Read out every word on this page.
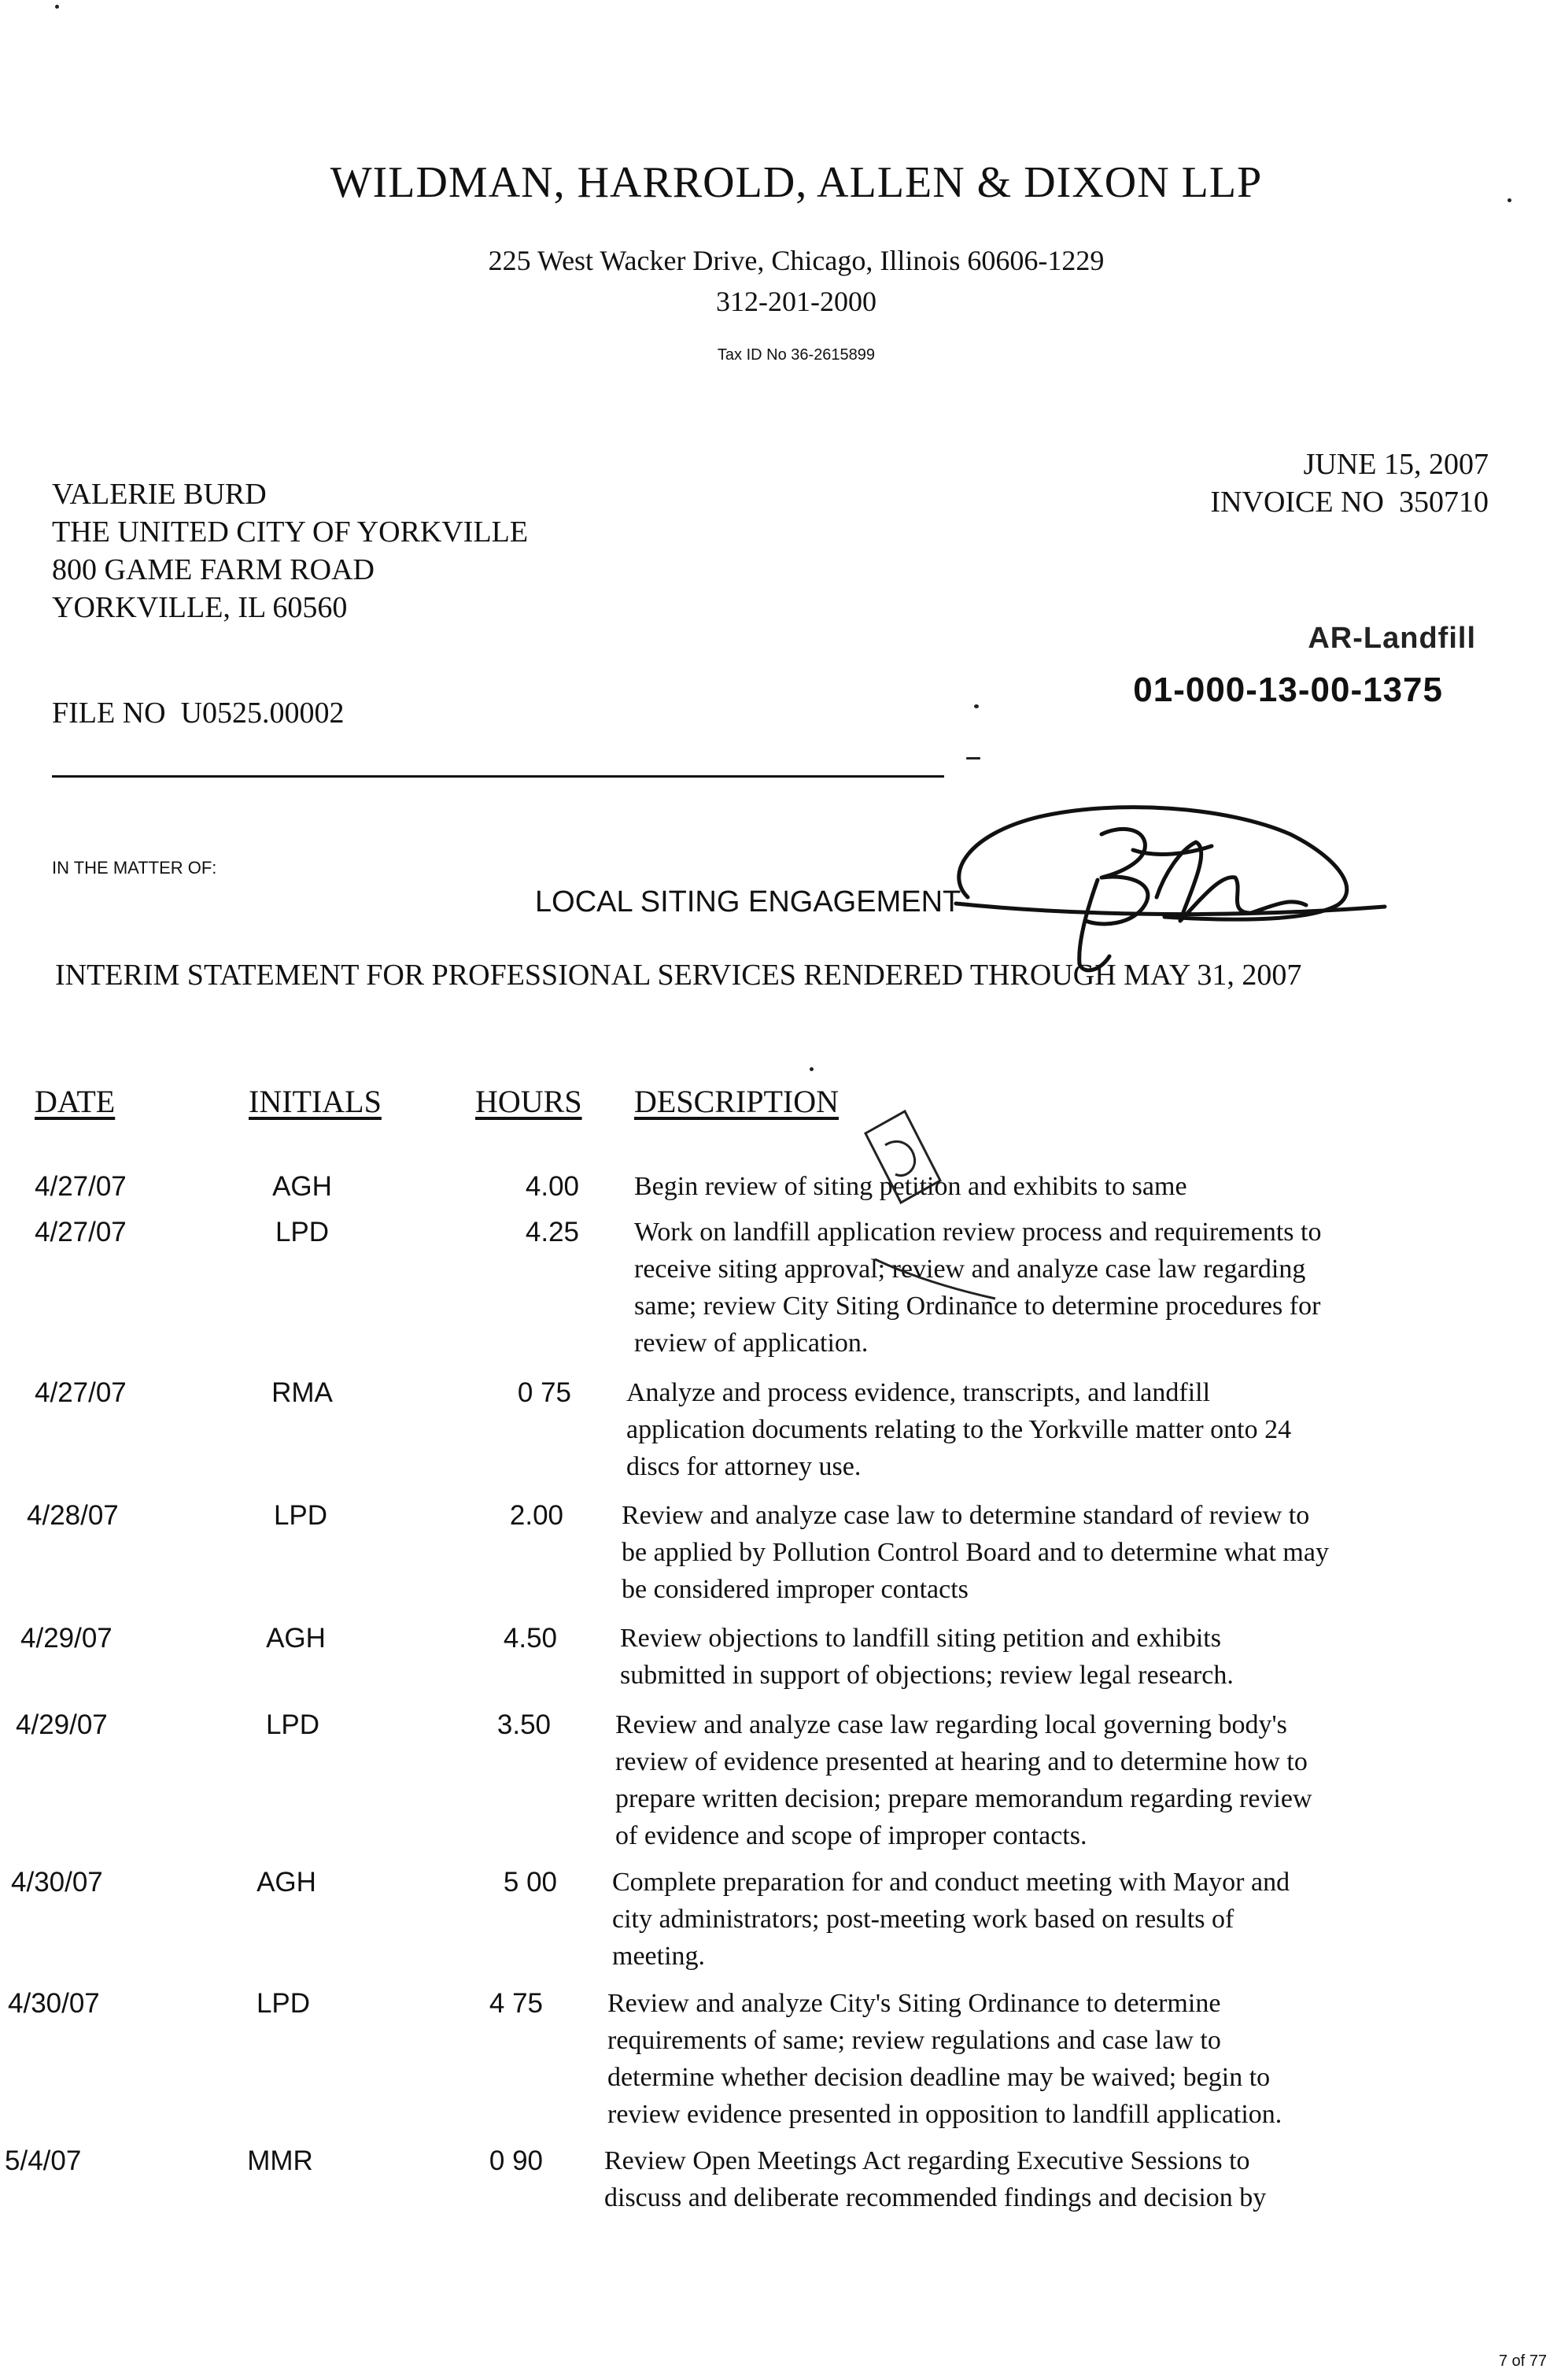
WILDMAN, HARROLD, ALLEN & DIXON LLP
225 West Wacker Drive, Chicago, Illinois 60606-1229
312-201-2000
Tax ID No 36-2615899
VALERIE BURD
THE UNITED CITY OF YORKVILLE
800 GAME FARM ROAD
YORKVILLE, IL 60560
JUNE 15, 2007
INVOICE NO 350710
AR-Landfill
01-000-13-00-1375
FILE NO U0525.00002
IN THE MATTER OF:
LOCAL SITING ENGAGEMENT
INTERIM STATEMENT FOR PROFESSIONAL SERVICES RENDERED THROUGH MAY 31, 2007
DATE	INITIALS	HOURS DESCRIPTION
4/27/07	AGH	4.00 Begin review of siting petition and exhibits to same
4/27/07	LPD	4.25 Work on landfill application review process and requirements to
receive siting approval; review and analyze case law regarding
same; review City Siting Ordinance to determine procedures for
review of application.
4/27/07	RMA	0 75 Analyze and process evidence, transcripts, and landfill
application documents relating to the Yorkville matter onto 24
discs for attorney use.
4/28/07	LPD	2.00 Review and analyze case law to determine standard of review to
be applied by Pollution Control Board and to determine what may
be considered improper contacts
4/29/07	AGH	4.50 Review objections to landfill siting petition and exhibits
submitted in support of objections; review legal research.
4/29/07	LPD	3.50 Review and analyze case law regarding local governing body's
review of evidence presented at hearing and to determine how to
prepare written decision; prepare memorandum regarding review
of evidence and scope of improper contacts.
4/30/07	AGH	5 00 Complete preparation for and conduct meeting with Mayor and
city administrators; post-meeting work based on results of
meeting.
4/30/07	LPD	4 75 Review and analyze City's Siting Ordinance to determine
requirements of same; review regulations and case law to
determine whether decision deadline may be waived; begin to
review evidence presented in opposition to landfill application.
5/4/07	MMR	0 90 Review Open Meetings Act regarding Executive Sessions to
discuss and deliberate recommended findings and decision by
7 of 77
